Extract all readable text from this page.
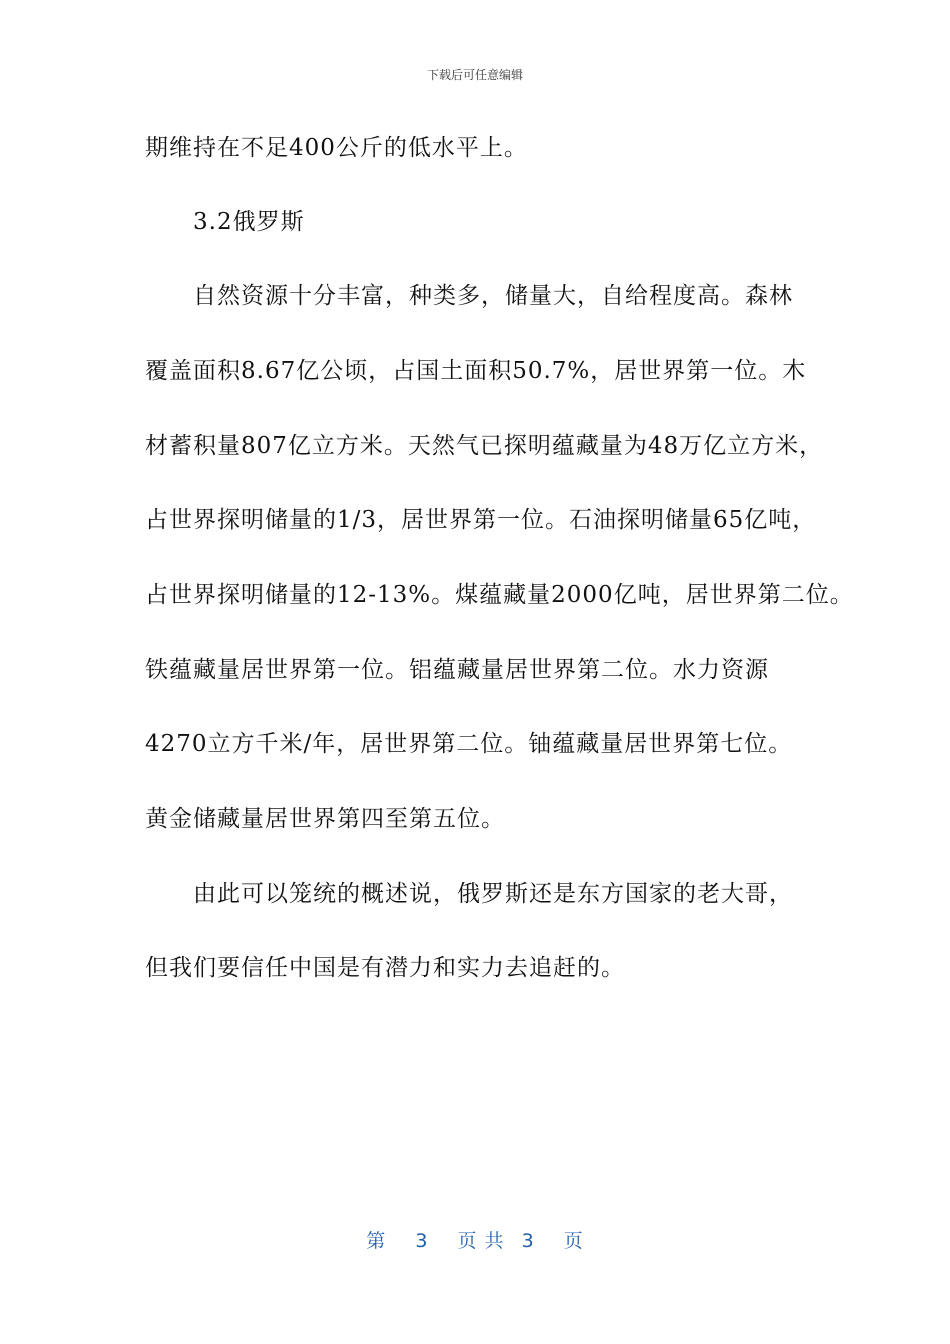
下载后可任意编辑
期维持在不足400公斤的低水平上。
3.2俄罗斯
自然资源十分丰富，种类多，储量大，自给程度高。森林
覆盖面积8.67亿公顷，占国土面积50.7%，居世界第一位。木
材蓄积量807亿立方米。天然气已探明蕴藏量为48万亿立方米，
占世界探明储量的1/3，居世界第一位。石油探明储量65亿吨，
占世界探明储量的12-13%。煤蕴藏量2000亿吨，居世界第二位。
铁蕴藏量居世界第一位。铝蕴藏量居世界第二位。水力资源
4270立方千米/年，居世界第二位。铀蕴藏量居世界第七位。
黄金储藏量居世界第四至第五位。
由此可以笼统的概述说，俄罗斯还是东方国家的老大哥，
但我们要信任中国是有潜力和实力去追赶的。
第 3 页 共 3 页
